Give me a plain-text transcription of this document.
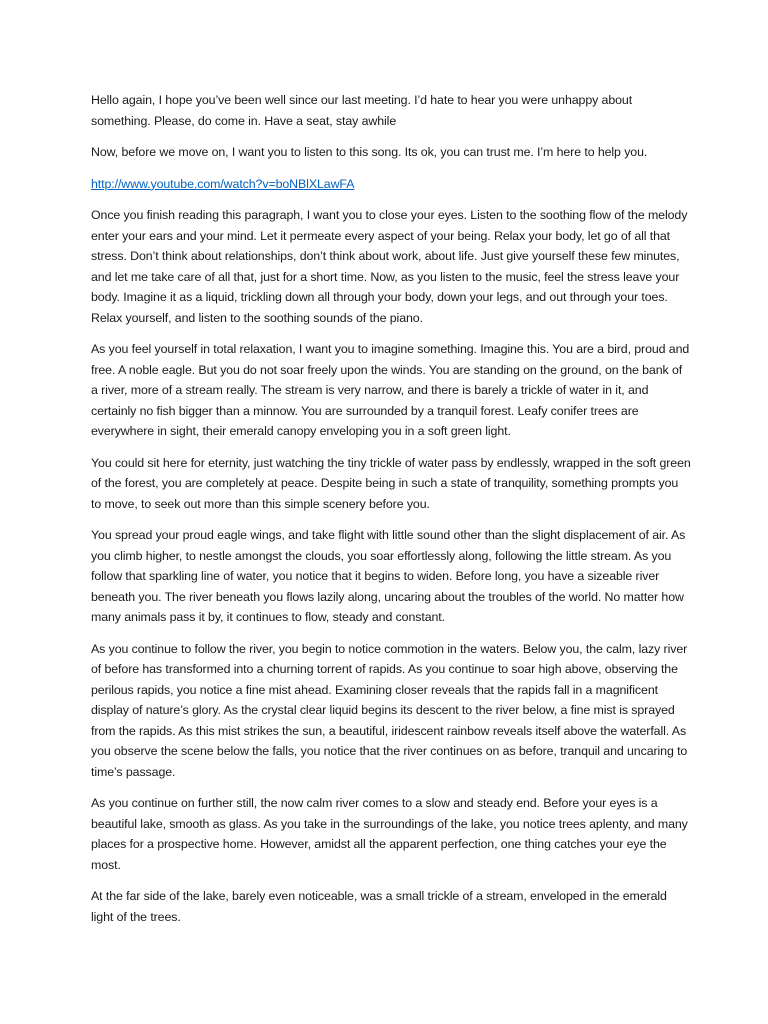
Hello again, I hope you’ve been well since our last meeting. I’d hate to hear you were unhappy about something. Please, do come in. Have a seat, stay awhile

Now, before we move on, I want you to listen to this song. Its ok, you can trust me. I’m here to help you.

http://www.youtube.com/watch?v=boNBlXLawFA

Once you finish reading this paragraph, I want you to close your eyes. Listen to the soothing flow of the melody enter your ears and your mind. Let it permeate every aspect of your being. Relax your body, let go of all that stress. Don’t think about relationships, don’t think about work, about life. Just give yourself these few minutes, and let me take care of all that, just for a short time. Now, as you listen to the music, feel the stress leave your body. Imagine it as a liquid, trickling down all through your body, down your legs, and out through your toes. Relax yourself, and listen to the soothing sounds of the piano.

As you feel yourself in total relaxation, I want you to imagine something. Imagine this. You are a bird, proud and free. A noble eagle. But you do not soar freely upon the winds. You are standing on the ground, on the bank of a river, more of a stream really. The stream is very narrow, and there is barely a trickle of water in it, and certainly no fish bigger than a minnow. You are surrounded by a tranquil forest. Leafy conifer trees are everywhere in sight, their emerald canopy enveloping you in a soft green light.

You could sit here for eternity, just watching the tiny trickle of water pass by endlessly, wrapped in the soft green of the forest, you are completely at peace. Despite being in such a state of tranquility, something prompts you to move, to seek out more than this simple scenery before you.

You spread your proud eagle wings, and take flight with little sound other than the slight displacement of air. As you climb higher, to nestle amongst the clouds, you soar effortlessly along, following the little stream. As you follow that sparkling line of water, you notice that it begins to widen. Before long, you have a sizeable river beneath you. The river beneath you flows lazily along, uncaring about the troubles of the world. No matter how many animals pass it by, it continues to flow, steady and constant.

As you continue to follow the river, you begin to notice commotion in the waters. Below you, the calm, lazy river of before has transformed into a churning torrent of rapids. As you continue to soar high above, observing the perilous rapids, you notice a fine mist ahead. Examining closer reveals that the rapids fall in a magnificent display of nature’s glory. As the crystal clear liquid begins its descent to the river below, a fine mist is sprayed from the rapids. As this mist strikes the sun, a beautiful, iridescent rainbow reveals itself above the waterfall. As you observe the scene below the falls, you notice that the river continues on as before, tranquil and uncaring to time’s passage.

As you continue on further still, the now calm river comes to a slow and steady end. Before your eyes is a beautiful lake, smooth as glass. As you take in the surroundings of the lake, you notice trees aplenty, and many places for a prospective home. However, amidst all the apparent perfection, one thing catches your eye the most.

At the far side of the lake, barely even noticeable, was a small trickle of a stream, enveloped in the emerald light of the trees.
